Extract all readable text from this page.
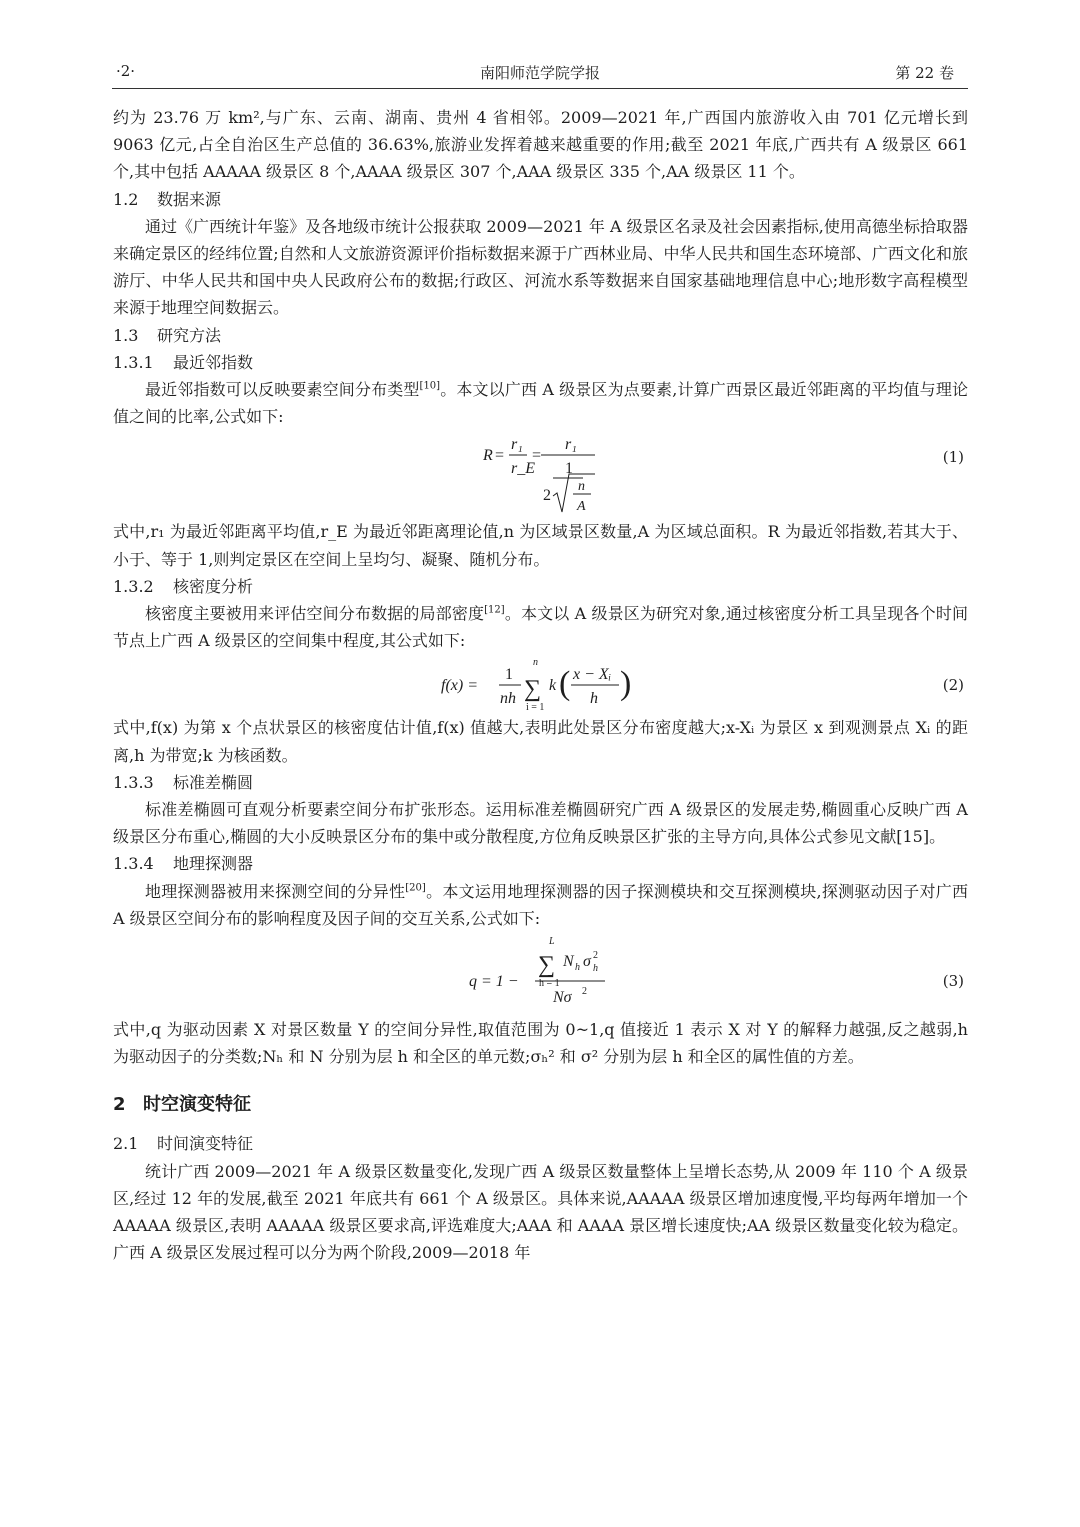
·2·	南阳师范学院学报	第 22 卷

约为 23.76 万 km²,与广东、云南、湖南、贵州 4 省相邻。2009—2021 年,广西国内旅游收入由 701 亿元增长到 9063 亿元,占全自治区生产总值的 36.63%,旅游业发挥着越来越重要的作用;截至 2021 年底,广西共有 A 级景区 661 个,其中包括 AAAAA 级景区 8 个,AAAA 级景区 307 个,AAA 级景区 335 个,AA 级景区 11 个。

1.2 数据来源

通过《广西统计年鉴》及各地级市统计公报获取 2009—2021 年 A 级景区名录及社会因素指标,使用高德坐标拾取器来确定景区的经纬位置;自然和人文旅游资源评价指标数据来源于广西林业局、中华人民共和国生态环境部、广西文化和旅游厅、中华人民共和国中央人民政府公布的数据;行政区、河流水系等数据来自国家基础地理信息中心;地形数字高程模型来源于地理空间数据云。

1.3 研究方法

1.3.1 最近邻指数

最近邻指数可以反映要素空间分布类型[10]。本文以广西 A 级景区为点要素,计算广西景区最近邻距离的平均值与理论值之间的比率,公式如下:

R =
r₁
r_E
=
r₁
1
2
n
A
(1)

式中,r₁ 为最近邻距离平均值,r_E 为最近邻距离理论值,n 为区域景区数量,A 为区域总面积。R 为最近邻指数,若其大于、小于、等于 1,则判定景区在空间上呈均匀、凝聚、随机分布。

1.3.2 核密度分析

核密度主要被用来评估空间分布数据的局部密度[12]。本文以 A 级景区为研究对象,通过核密度分析工具呈现各个时间节点上广西 A 级景区的空间集中程度,其公式如下:

f(x) =
1
nh
n
∑
i = 1
k ( x − Xᵢ
h )	(2)

式中,f(x) 为第 x 个点状景区的核密度估计值,f(x) 值越大,表明此处景区分布密度越大;x-Xᵢ 为景区 x 到观测景点 Xᵢ 的距离,h 为带宽;k 为核函数。

1.3.3 标准差椭圆

标准差椭圆可直观分析要素空间分布扩张形态。运用标准差椭圆研究广西 A 级景区的发展走势,椭圆重心反映广西 A 级景区分布重心,椭圆的大小反映景区分布的集中或分散程度,方位角反映景区扩张的主导方向,具体公式参见文献[15]。

1.3.4 地理探测器

地理探测器被用来探测空间的分异性[20]。本文运用地理探测器的因子探测模块和交互探测模块,探测驱动因子对广西 A 级景区空间分布的影响程度及因子间的交互关系,公式如下:

q = 1 −
L
∑
h = 1
N h σ 2
h
Nσ 2
(3)

式中,q 为驱动因素 X 对景区数量 Y 的空间分异性,取值范围为 0~1,q 值接近 1 表示 X 对 Y 的解释力越强,反之越弱,h 为驱动因子的分类数;Nₕ 和 N 分别为层 h 和全区的单元数;σₕ² 和 σ² 分别为层 h 和全区的属性值的方差。

2 时空演变特征

2.1 时间演变特征

统计广西 2009—2021 年 A 级景区数量变化,发现广西 A 级景区数量整体上呈增长态势,从 2009 年 110 个 A 级景区,经过 12 年的发展,截至 2021 年底共有 661 个 A 级景区。具体来说,AAAAA 级景区增加速度慢,平均每两年增加一个 AAAAA 级景区,表明 AAAAA 级景区要求高,评选难度大;AAA 和 AAAA 景区增长速度快;AA 级景区数量变化较为稳定。广西 A 级景区发展过程可以分为两个阶段,2009—2018 年
